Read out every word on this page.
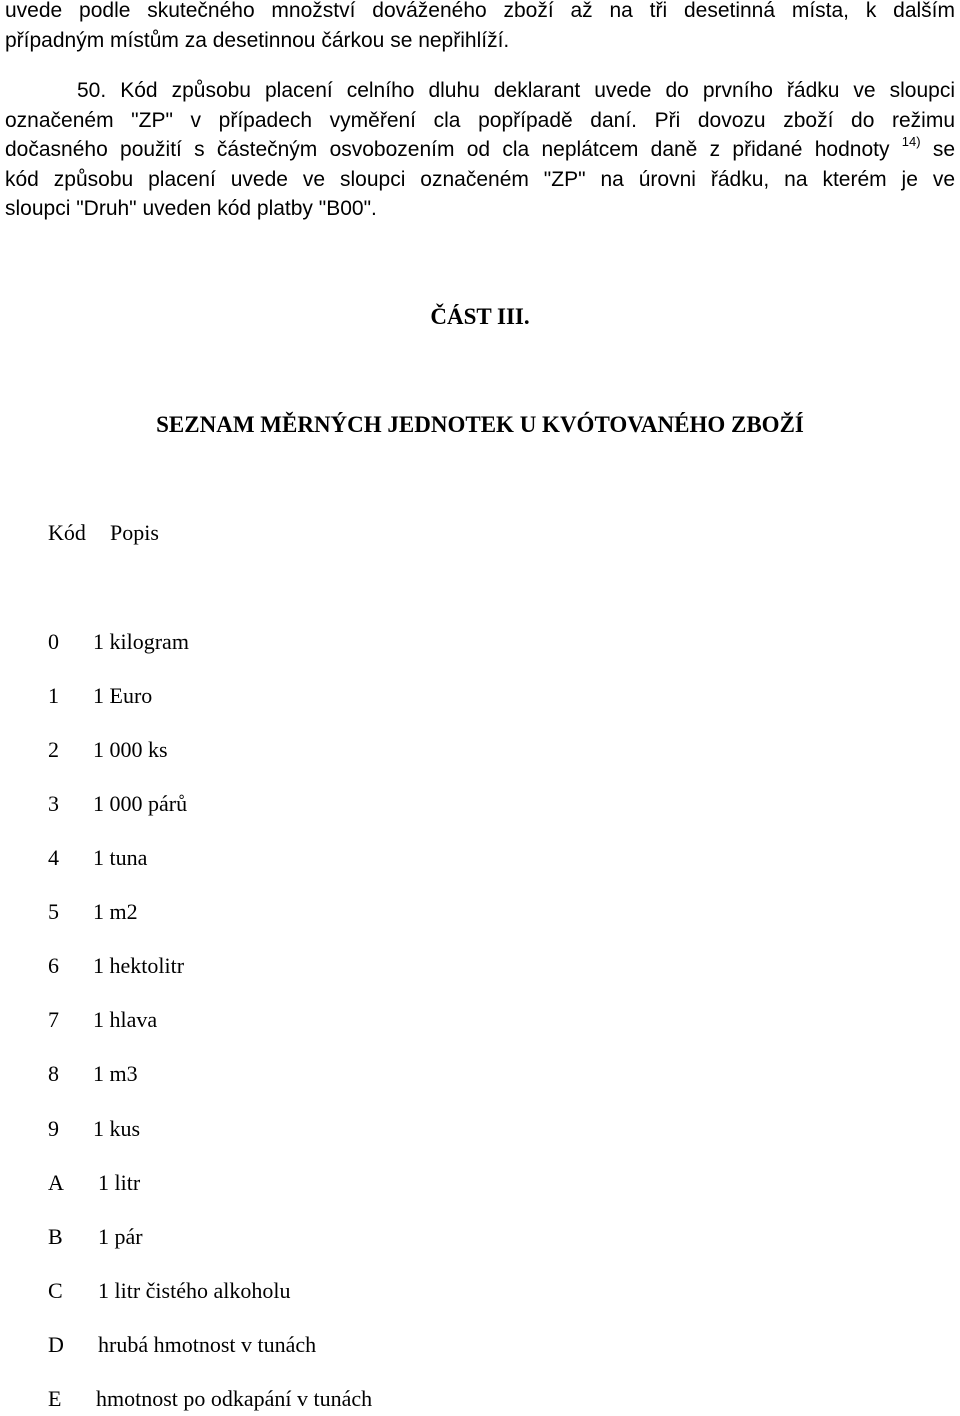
uvede podle skutečného množství dováženého zboží až na tři desetinná místa, k dalším
případným místům za desetinnou čárkou se nepřihlíží.
50. Kód způsobu placení celního dluhu deklarant uvede do prvního řádku ve sloupci
označeném "ZP" v případech vyměření cla popřípadě daní. Při dovozu zboží do režimu
dočasného použití s částečným osvobozením od cla neplátcem daně z přidané hodnoty $^{14)}$ se
kód způsobu placení uvede ve sloupci označeném "ZP" na úrovni řádku, na kterém je ve
sloupci "Druh" uveden kód platby "B00".
ČÁST III.
SEZNAM MĚRNÝCH JEDNOTEK U KVÓTOVANÉHO ZBOŽÍ
Kód Popis
0 1 kilogram
1 1 Euro
2 1 000 ks
3 1 000 párů
4 1 tuna
5 1 m2
6 1 hektolitr
7 1 hlava
8 1 m3
9 1 kus
A 1 litr
B 1 pár
C 1 litr čistého alkoholu
D hrubá hmotnost v tunách
E hmotnost po odkapání v tunách
